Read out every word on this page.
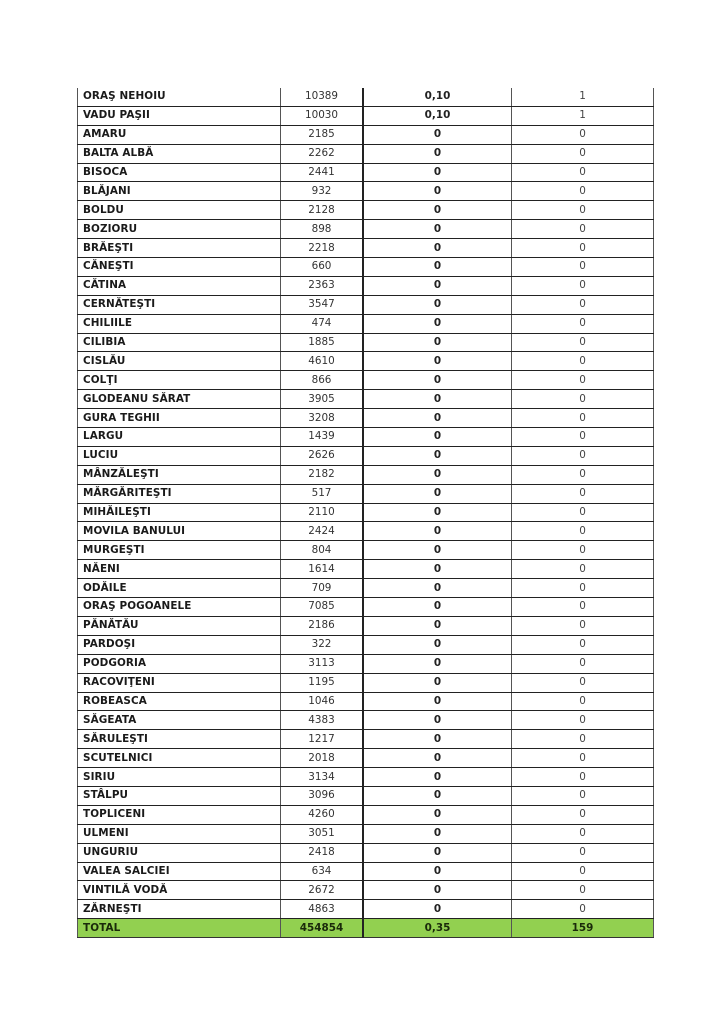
ORAŞ NEHOIU	10389	0,10	1
VADU PAŞII	10030	0,10	1
AMARU	2185	0	0
BALTA ALBĂ	2262	0	0
BISOCA	2441	0	0
BLĂJANI	932	0	0
BOLDU	2128	0	0
BOZIORU	898	0	0
BRĂEŞTI	2218	0	0
CĂNEŞTI	660	0	0
CĂTINA	2363	0	0
CERNĂTEŞTI	3547	0	0
CHILIILE	474	0	0
CILIBIA	1885	0	0
CISLĂU	4610	0	0
COLŢI	866	0	0
GLODEANU SĂRAT	3905	0	0
GURA TEGHII	3208	0	0
LARGU	1439	0	0
LUCIU	2626	0	0
MÂNZĂLEŞTI	2182	0	0
MĂRGĂRITEŞTI	517	0	0
MIHĂILEŞTI	2110	0	0
MOVILA BANULUI	2424	0	0
MURGEŞTI	804	0	0
NĂENI	1614	0	0
ODĂILE	709	0	0
ORAŞ POGOANELE	7085	0	0
PĂNĂTĂU	2186	0	0
PARDOŞI	322	0	0
PODGORIA	3113	0	0
RACOVIŢENI	1195	0	0
ROBEASCA	1046	0	0
SĂGEATA	4383	0	0
SĂRULEŞTI	1217	0	0
SCUTELNICI	2018	0	0
SIRIU	3134	0	0
STÂLPU	3096	0	0
TOPLICENI	4260	0	0
ULMENI	3051	0	0
UNGURIU	2418	0	0
VALEA SALCIEI	634	0	0
VINTILĂ VODĂ	2672	0	0
ZĂRNEŞTI	4863	0	0
TOTAL	454854	0,35	159
